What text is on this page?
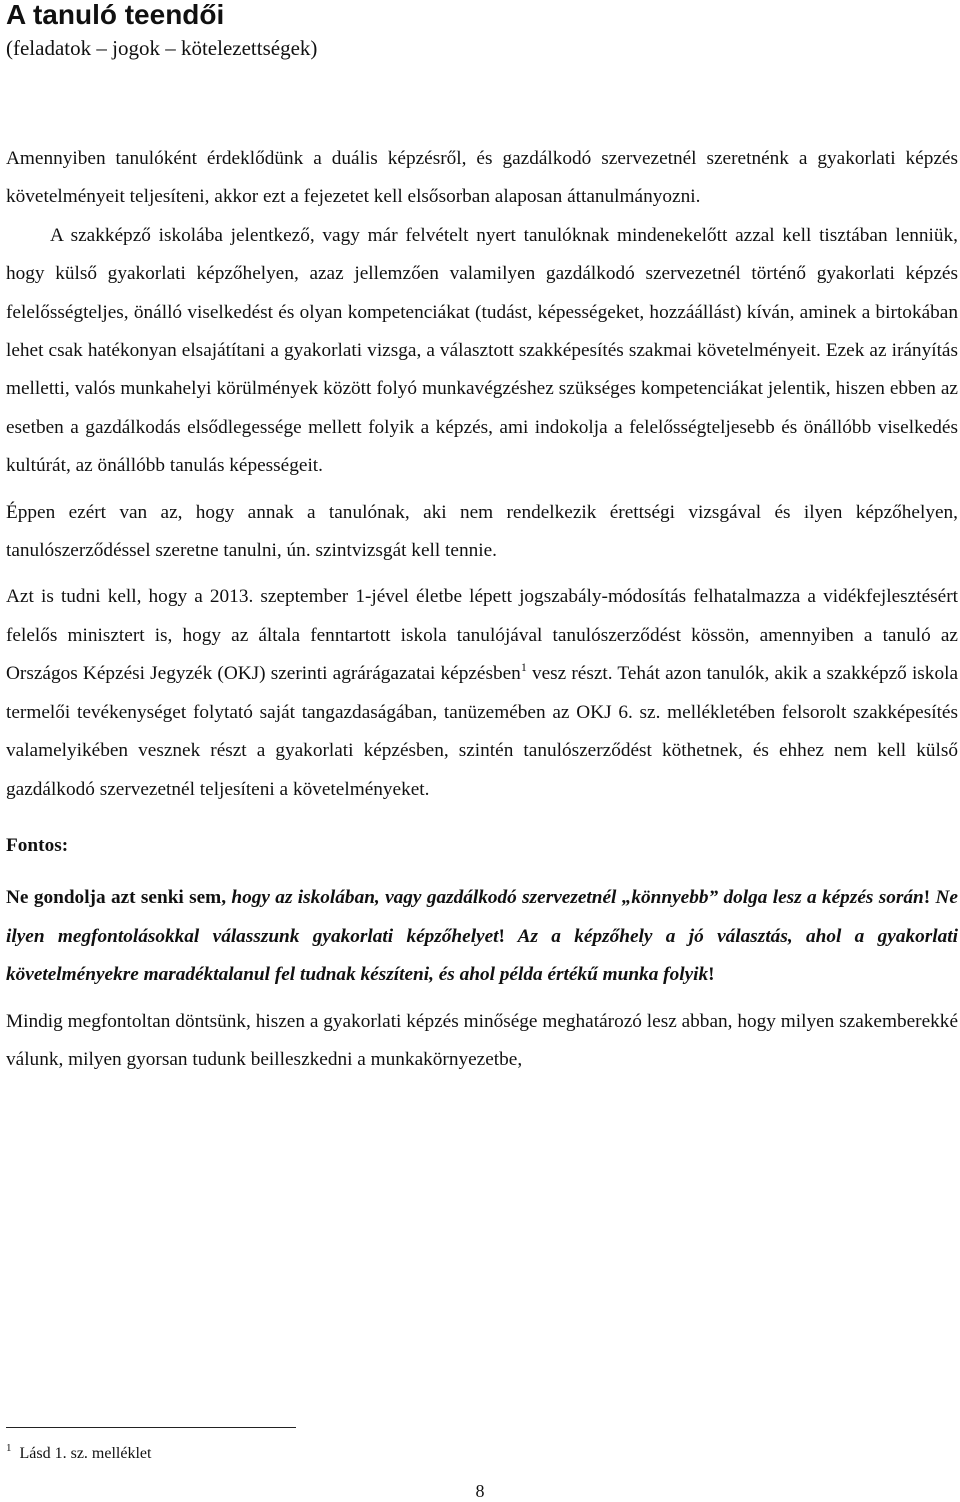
A tanuló teendői
(feladatok – jogok – kötelezettségek)

Amennyiben tanulóként érdeklődünk a duális képzésről, és gazdálkodó szervezetnél szeretnénk a gyakorlati képzés követelményeit teljesíteni, akkor ezt a fejezetet kell elsősorban alaposan áttanulmányozni.

A szakképző iskolába jelentkező, vagy már felvételt nyert tanulóknak mindenekelőtt azzal kell tisztában lenniük, hogy külső gyakorlati képzőhelyen, azaz jellemzően valamilyen gazdálkodó szervezetnél történő gyakorlati képzés felelősségteljes, önálló viselkedést és olyan kompetenciákat (tudást, képességeket, hozzáállást) kíván, aminek a birtokában lehet csak hatékonyan elsajátítani a gyakorlati vizsga, a választott szakképesítés szakmai követelményeit. Ezek az irányítás melletti, valós munkahelyi körülmények között folyó munkavégzéshez szükséges kompetenciákat jelentik, hiszen ebben az esetben a gazdálkodás elsődlegessége mellett folyik a képzés, ami indokolja a felelősségteljesebb és önállóbb viselkedés kultúrát, az önállóbb tanulás képességeit.

Éppen ezért van az, hogy annak a tanulónak, aki nem rendelkezik érettségi vizsgával és ilyen képzőhelyen, tanulószerződéssel szeretne tanulni, ún. szintvizsgát kell tennie.

Azt is tudni kell, hogy a 2013. szeptember 1-jével életbe lépett jogszabály-módosítás felhatalmazza a vidékfejlesztésért felelős minisztert is, hogy az általa fenntartott iskola tanulójával tanulószerződést kössön, amennyiben a tanuló az Országos Képzési Jegyzék (OKJ) szerinti agrárágazatai képzésben$^1$ vesz részt. Tehát azon tanulók, akik a szakképző iskola termelői tevékenységet folytató saját tangazdaságában, tanüzemében az OKJ 6. sz. mellékletében felsorolt szakképesítés valamelyikében vesznek részt a gyakorlati képzésben, szintén tanulószerződést köthetnek, és ehhez nem kell külső gazdálkodó szervezetnél teljesíteni a követelményeket.

Fontos:

Ne gondolja azt senki sem, hogy az iskolában, vagy gazdálkodó szervezetnél „könnyebb” dolga lesz a képzés során! Ne ilyen megfontolásokkal válasszunk gyakorlati képzőhelyet! Az a képzőhely a jó választás, ahol a gyakorlati követelményekre maradéktalanul fel tudnak készíteni, és ahol példa értékű munka folyik!

Mindig megfontoltan döntsünk, hiszen a gyakorlati képzés minősége meghatározó lesz abban, hogy milyen szakemberekké válunk, milyen gyorsan tudunk beilleszkedni a munkakörnyezetbe,

$^1$ Lásd 1. sz. melléklet
8
